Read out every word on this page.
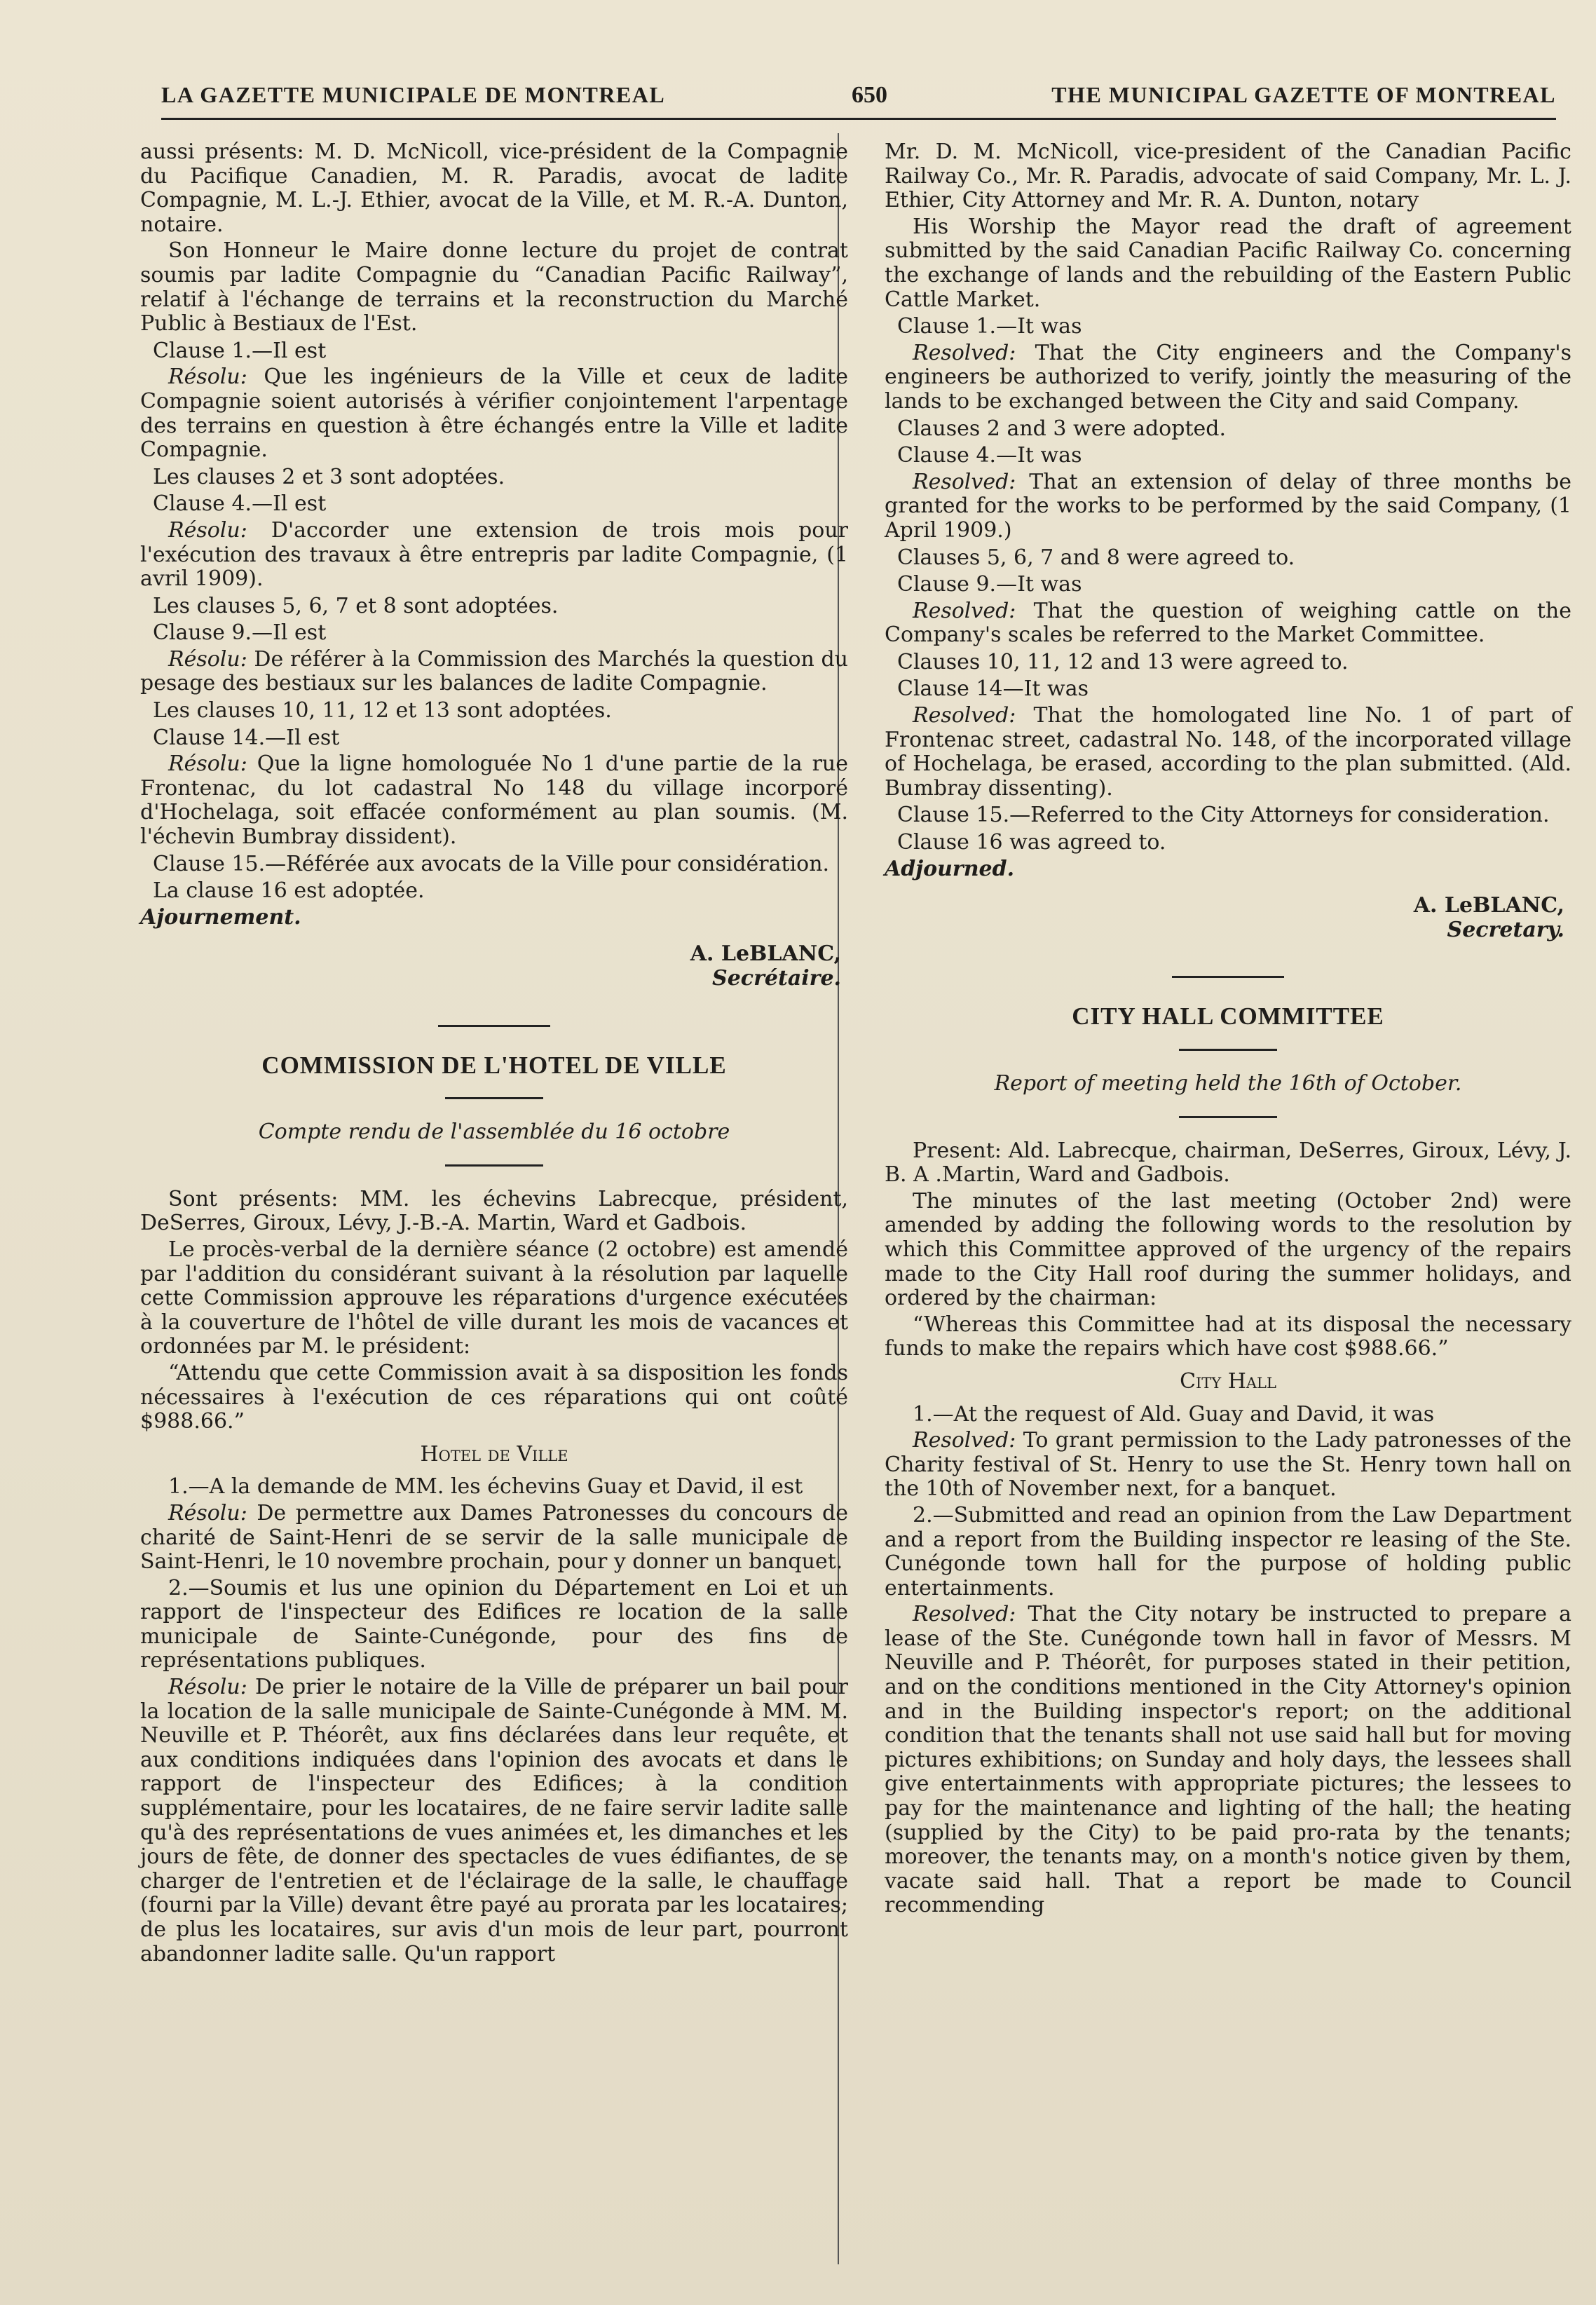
LA GAZETTE MUNICIPALE DE MONTREAL	650	THE MUNICIPAL GAZETTE OF MONTREAL

aussi présents: M. D. McNicoll, vice-président de la Compagnie du Pacifique Canadien, M. R. Paradis, avocat de ladite Compagnie, M. L.-J. Ethier, avocat de la Ville, et M. R.-A. Dunton, notaire.

Son Honneur le Maire donne lecture du projet de contrat soumis par ladite Compagnie du “Canadian Pacific Railway”, relatif à l'échange de terrains et la reconstruction du Marché Public à Bestiaux de l'Est.

Clause 1.—Il est

Résolu: Que les ingénieurs de la Ville et ceux de ladite Compagnie soient autorisés à vérifier conjointement l'arpentage des terrains en question à être échangés entre la Ville et ladite Compagnie.

Les clauses 2 et 3 sont adoptées.

Clause 4.—Il est

Résolu: D'accorder une extension de trois mois pour l'exécution des travaux à être entrepris par ladite Compagnie, (1 avril 1909).

Les clauses 5, 6, 7 et 8 sont adoptées.

Clause 9.—Il est

Résolu: De référer à la Commission des Marchés la question du pesage des bestiaux sur les balances de ladite Compagnie.

Les clauses 10, 11, 12 et 13 sont adoptées.

Clause 14.—Il est

Résolu: Que la ligne homologuée No 1 d'une partie de la rue Frontenac, du lot cadastral No 148 du village incorporé d'Hochelaga, soit effacée conformément au plan soumis. (M. l'échevin Bumbray dissident).

Clause 15.—Référée aux avocats de la Ville pour considération.

La clause 16 est adoptée.

Ajournement.

A. LeBLANC,
Secrétaire.
COMMISSION DE L'HOTEL DE VILLE
Compte rendu de l'assemblée du 16 octobre

Sont présents: MM. les échevins Labrecque, président, DeSerres, Giroux, Lévy, J.-B.-A. Martin, Ward et Gadbois.

Le procès-verbal de la dernière séance (2 octobre) est amendé par l'addition du considérant suivant à la résolution par laquelle cette Commission approuve les réparations d'urgence exécutées à la couverture de l'hôtel de ville durant les mois de vacances et ordonnées par M. le président:

“Attendu que cette Commission avait à sa disposition les fonds nécessaires à l'exécution de ces réparations qui ont coûté $988.66.”

Hotel de Ville

1.—A la demande de MM. les échevins Guay et David, il est

Résolu: De permettre aux Dames Patronesses du concours de charité de Saint-Henri de se servir de la salle municipale de Saint-Henri, le 10 novembre prochain, pour y donner un banquet.

2.—Soumis et lus une opinion du Département en Loi et un rapport de l'inspecteur des Edifices re location de la salle municipale de Sainte-Cunégonde, pour des fins de représentations publiques.

Résolu: De prier le notaire de la Ville de préparer un bail pour la location de la salle municipale de Sainte-Cunégonde à MM. M. Neuville et P. Théorêt, aux fins déclarées dans leur requête, et aux conditions indiquées dans l'opinion des avocats et dans le rapport de l'inspecteur des Edifices; à la condition supplémentaire, pour les locataires, de ne faire servir ladite salle qu'à des représentations de vues animées et, les dimanches et les jours de fête, de donner des spectacles de vues édifiantes, de se charger de l'entretien et de l'éclairage de la salle, le chauffage (fourni par la Ville) devant être payé au prorata par les locataires; de plus les locataires, sur avis d'un mois de leur part, pourront abandonner ladite salle. Qu'un rapport

Mr. D. M. McNicoll, vice-president of the Canadian Pacific Railway Co., Mr. R. Paradis, advocate of said Company, Mr. L. J. Ethier, City Attorney and Mr. R. A. Dunton, notary

His Worship the Mayor read the draft of agreement submitted by the said Canadian Pacific Railway Co. concerning the exchange of lands and the rebuilding of the Eastern Public Cattle Market.

Clause 1.—It was

Resolved: That the City engineers and the Company's engineers be authorized to verify, jointly the measuring of the lands to be exchanged between the City and said Company.

Clauses 2 and 3 were adopted.

Clause 4.—It was

Resolved: That an extension of delay of three months be granted for the works to be performed by the said Company, (1 April 1909.)

Clauses 5, 6, 7 and 8 were agreed to.

Clause 9.—It was

Resolved: That the question of weighing cattle on the Company's scales be referred to the Market Committee.

Clauses 10, 11, 12 and 13 were agreed to.

Clause 14—It was

Resolved: That the homologated line No. 1 of part of Frontenac street, cadastral No. 148, of the incorporated village of Hochelaga, be erased, according to the plan submitted. (Ald. Bumbray dissenting).

Clause 15.—Referred to the City Attorneys for consideration.

Clause 16 was agreed to.

Adjourned.

A. LeBLANC,
Secretary.
CITY HALL COMMITTEE
Report of meeting held the 16th of October.

Present: Ald. Labrecque, chairman, DeSerres, Giroux, Lévy, J. B. A .Martin, Ward and Gadbois.

The minutes of the last meeting (October 2nd) were amended by adding the following words to the resolution by which this Committee approved of the urgency of the repairs made to the City Hall roof during the summer holidays, and ordered by the chairman:

“Whereas this Committee had at its disposal the necessary funds to make the repairs which have cost $988.66.”

City Hall

1.—At the request of Ald. Guay and David, it was

Resolved: To grant permission to the Lady patronesses of the Charity festival of St. Henry to use the St. Henry town hall on the 10th of November next, for a banquet.

2.—Submitted and read an opinion from the Law Department and a report from the Building inspector re leasing of the Ste. Cunégonde town hall for the purpose of holding public entertainments.

Resolved: That the City notary be instructed to prepare a lease of the Ste. Cunégonde town hall in favor of Messrs. M Neuville and P. Théorêt, for purposes stated in their petition, and on the conditions mentioned in the City Attorney's opinion and in the Building inspector's report; on the additional condition that the tenants shall not use said hall but for moving pictures exhibitions; on Sunday and holy days, the lessees shall give entertainments with appropriate pictures; the lessees to pay for the maintenance and lighting of the hall; the heating (supplied by the City) to be paid pro-rata by the tenants; moreover, the tenants may, on a month's notice given by them, vacate said hall. That a report be made to Council recommending
